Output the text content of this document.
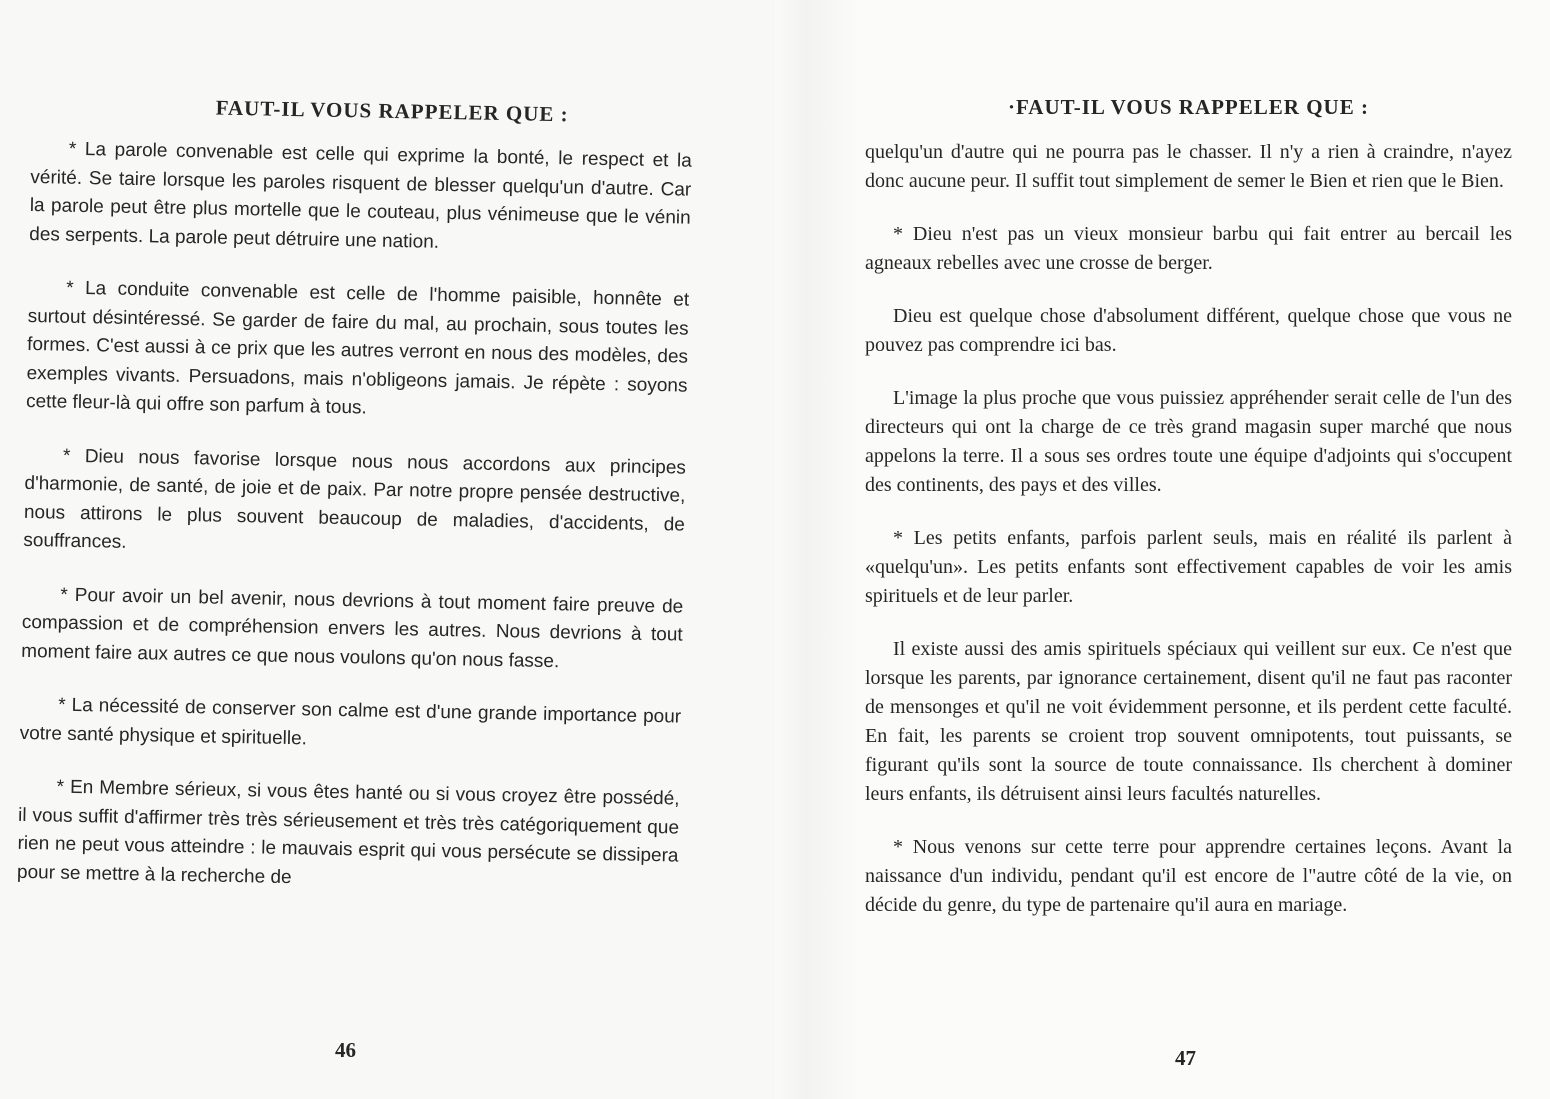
FAUT-IL VOUS RAPPELER QUE :

* La parole convenable est celle qui exprime la bonté, le respect et la vérité. Se taire lorsque les paroles risquent de blesser quelqu'un d'autre. Car la parole peut être plus mortelle que le couteau, plus vénimeuse que le vénin des serpents. La parole peut détruire une nation.

* La conduite convenable est celle de l'homme paisible, honnête et surtout désintéressé. Se garder de faire du mal, au prochain, sous toutes les formes. C'est aussi à ce prix que les autres verront en nous des modèles, des exemples vivants. Persuadons, mais n'obligeons jamais. Je répète : soyons cette fleur-là qui offre son parfum à tous.

* Dieu nous favorise lorsque nous nous accordons aux principes d'harmonie, de santé, de joie et de paix. Par notre propre pensée destructive, nous attirons le plus souvent beaucoup de maladies, d'accidents, de souffrances.

* Pour avoir un bel avenir, nous devrions à tout moment faire preuve de compassion et de compréhension envers les autres. Nous devrions à tout moment faire aux autres ce que nous voulons qu'on nous fasse.

* La nécessité de conserver son calme est d'une grande importance pour votre santé physique et spirituelle.

* En Membre sérieux, si vous êtes hanté ou si vous croyez être possédé, il vous suffit d'affirmer très très sérieusement et très très catégoriquement que rien ne peut vous atteindre : le mauvais esprit qui vous persécute se dissipera pour se mettre à la recherche de

46
·FAUT-IL VOUS RAPPELER QUE :

quelqu'un d'autre qui ne pourra pas le chasser. Il n'y a rien à craindre, n'ayez donc aucune peur. Il suffit tout simplement de semer le Bien et rien que le Bien.

* Dieu n'est pas un vieux monsieur barbu qui fait entrer au bercail les agneaux rebelles avec une crosse de berger.

Dieu est quelque chose d'absolument différent, quelque chose que vous ne pouvez pas comprendre ici bas.

L'image la plus proche que vous puissiez appréhender serait celle de l'un des directeurs qui ont la charge de ce très grand magasin super marché que nous appelons la terre. Il a sous ses ordres toute une équipe d'adjoints qui s'occupent des continents, des pays et des villes.

* Les petits enfants, parfois parlent seuls, mais en réalité ils parlent à «quelqu'un». Les petits enfants sont effectivement capables de voir les amis spirituels et de leur parler.

Il existe aussi des amis spirituels spéciaux qui veillent sur eux. Ce n'est que lorsque les parents, par ignorance certainement, disent qu'il ne faut pas raconter de mensonges et qu'il ne voit évidemment personne, et ils perdent cette faculté. En fait, les parents se croient trop souvent omnipotents, tout puissants, se figurant qu'ils sont la source de toute connaissance. Ils cherchent à dominer leurs enfants, ils détruisent ainsi leurs facultés naturelles.

* Nous venons sur cette terre pour apprendre certaines leçons. Avant la naissance d'un individu, pendant qu'il est encore de l"autre côté de la vie, on décide du genre, du type de partenaire qu'il aura en mariage.

47
